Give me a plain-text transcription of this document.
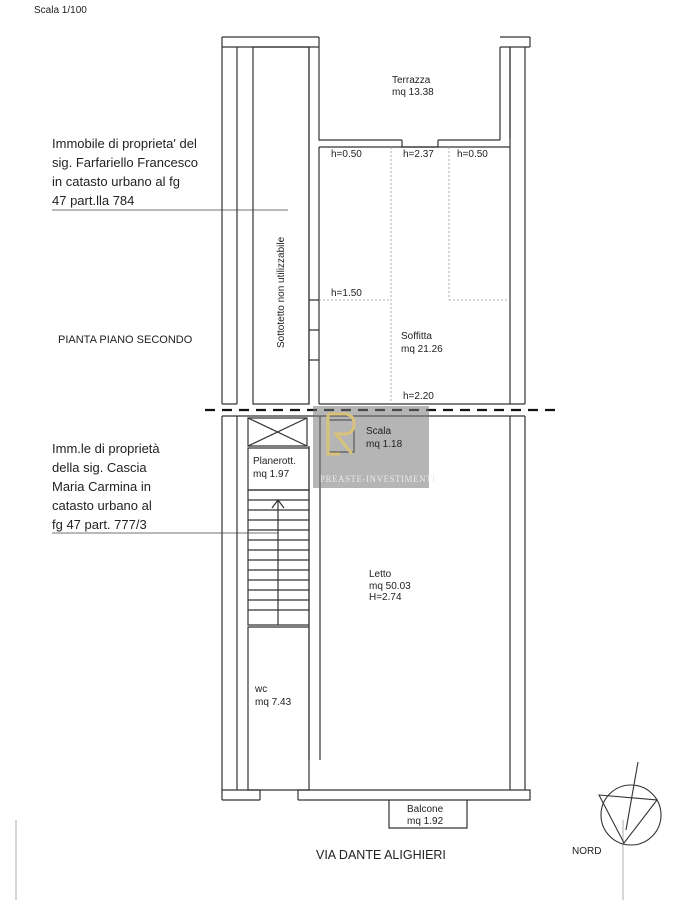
PREASTE-INVESTIMENTI
Scala 1/100
Immobile di proprieta' del
sig. Farfariello Francesco
in catasto urbano al fg
47 part.lla 784
PIANTA PIANO SECONDO
Imm.le di proprietà
della sig. Cascia
Maria Carmina in
catasto urbano al
fg 47 part. 777/3
Terrazza
mq 13.38
h=0.50	h=2.37 h=0.50
h=1.50
h=2.20
Soffitta
mq 21.26
Sottotetto non utilizzabile
Scala
mq 1.18
Planerott.
mq 1.97
Letto
mq 50.03
H=2.74
wc
mq 7.43
Balcone
mq 1.92
VIA DANTE ALIGHIERI	NORD
